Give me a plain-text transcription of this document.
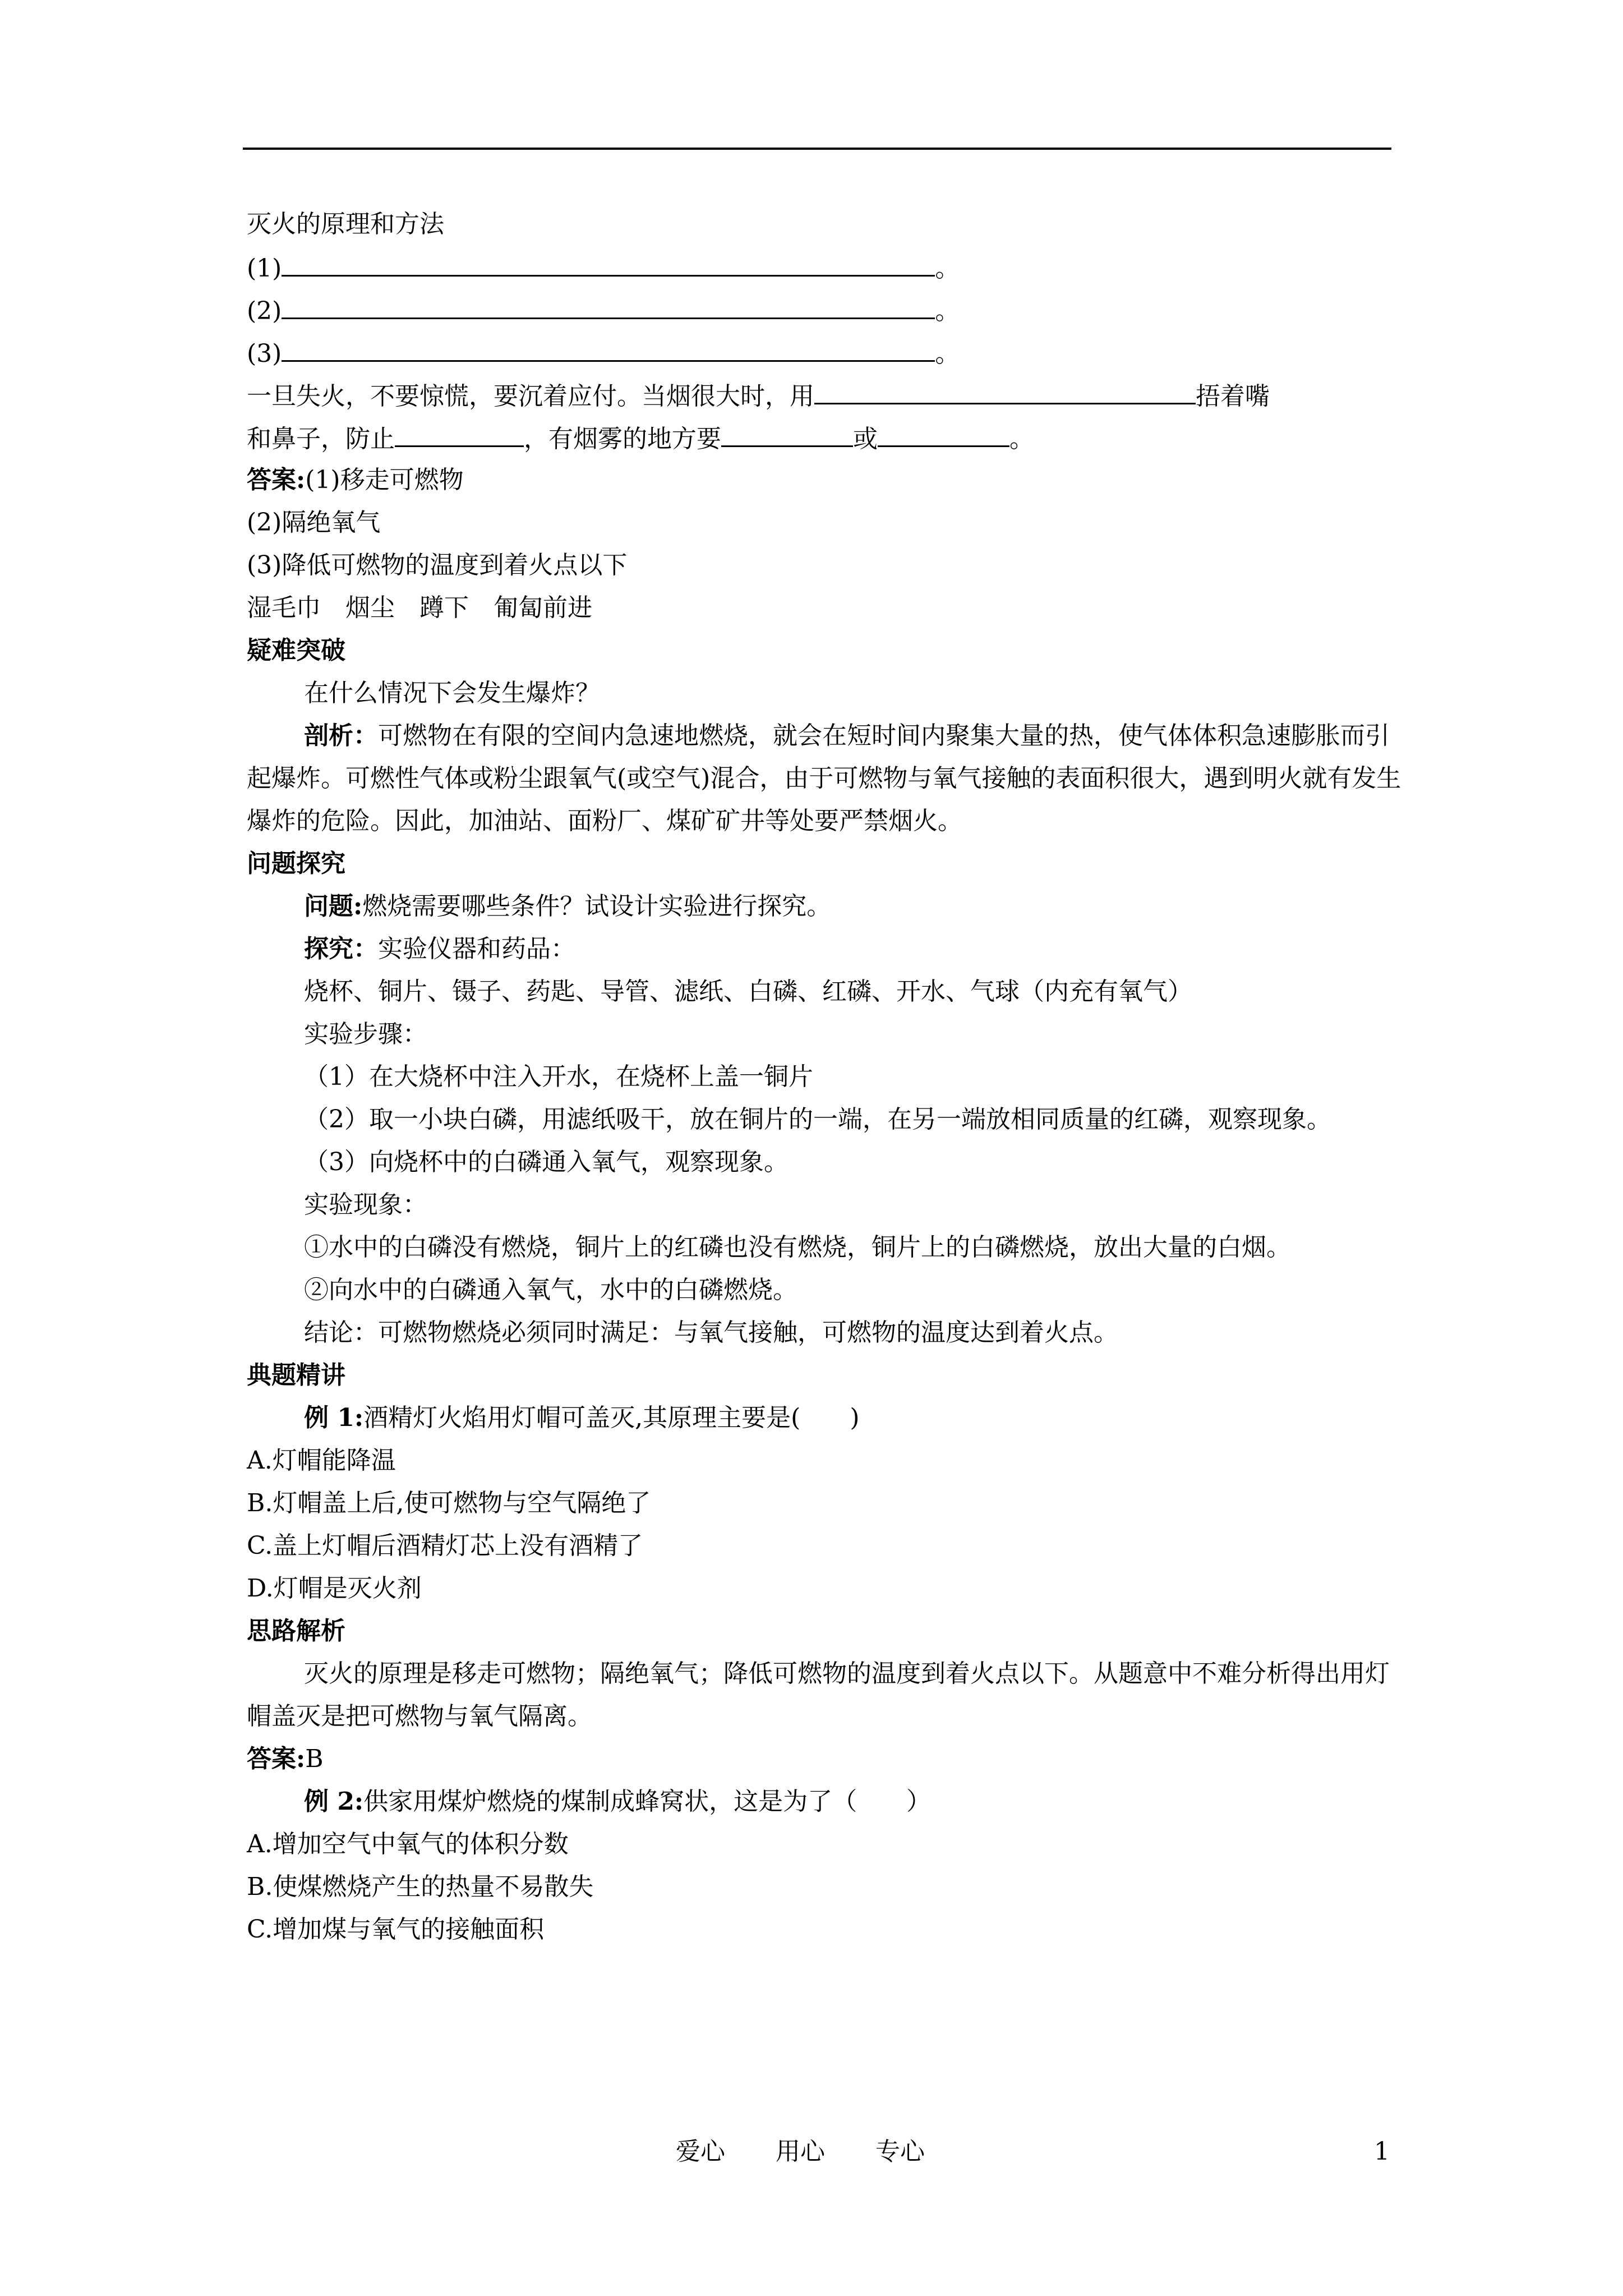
灭火的原理和方法
(1)	。
(2)	。
(3)	。
一旦失火，不要惊慌，要沉着应付。当烟很大时，用	捂着嘴
和鼻子，防止	，有烟雾的地方要	或	。
答案:(1)移走可燃物
(2)隔绝氧气
(3)降低可燃物的温度到着火点以下
湿毛巾　烟尘　蹲下　匍匐前进
疑难突破
在什么情况下会发生爆炸？
剖析：可燃物在有限的空间内急速地燃烧，就会在短时间内聚集大量的热，使气体体积急速膨胀而引起爆炸。可燃性气体或粉尘跟氧气(或空气)混合，由于可燃物与氧气接触的表面积很大，遇到明火就有发生爆炸的危险。因此，加油站、面粉厂、煤矿矿井等处要严禁烟火。
问题探究
问题:燃烧需要哪些条件？试设计实验进行探究。
探究：实验仪器和药品：
烧杯、铜片、镊子、药匙、导管、滤纸、白磷、红磷、开水、气球（内充有氧气）
实验步骤：
（1）在大烧杯中注入开水，在烧杯上盖一铜片
（2）取一小块白磷，用滤纸吸干，放在铜片的一端，在另一端放相同质量的红磷，观察现象。
（3）向烧杯中的白磷通入氧气，观察现象。
实验现象：
①水中的白磷没有燃烧，铜片上的红磷也没有燃烧，铜片上的白磷燃烧，放出大量的白烟。
②向水中的白磷通入氧气，水中的白磷燃烧。
结论：可燃物燃烧必须同时满足：与氧气接触，可燃物的温度达到着火点。
典题精讲
例 1:酒精灯火焰用灯帽可盖灭,其原理主要是(　　)
A.灯帽能降温
B.灯帽盖上后,使可燃物与空气隔绝了
C.盖上灯帽后酒精灯芯上没有酒精了
D.灯帽是灭火剂
思路解析
灭火的原理是移走可燃物；隔绝氧气；降低可燃物的温度到着火点以下。从题意中不难分析得出用灯帽盖灭是把可燃物与氧气隔离。
答案:B
例 2:供家用煤炉燃烧的煤制成蜂窝状，这是为了（　　）
A.增加空气中氧气的体积分数
B.使煤燃烧产生的热量不易散失
C.增加煤与氧气的接触面积
爱心 用心 专心	1
